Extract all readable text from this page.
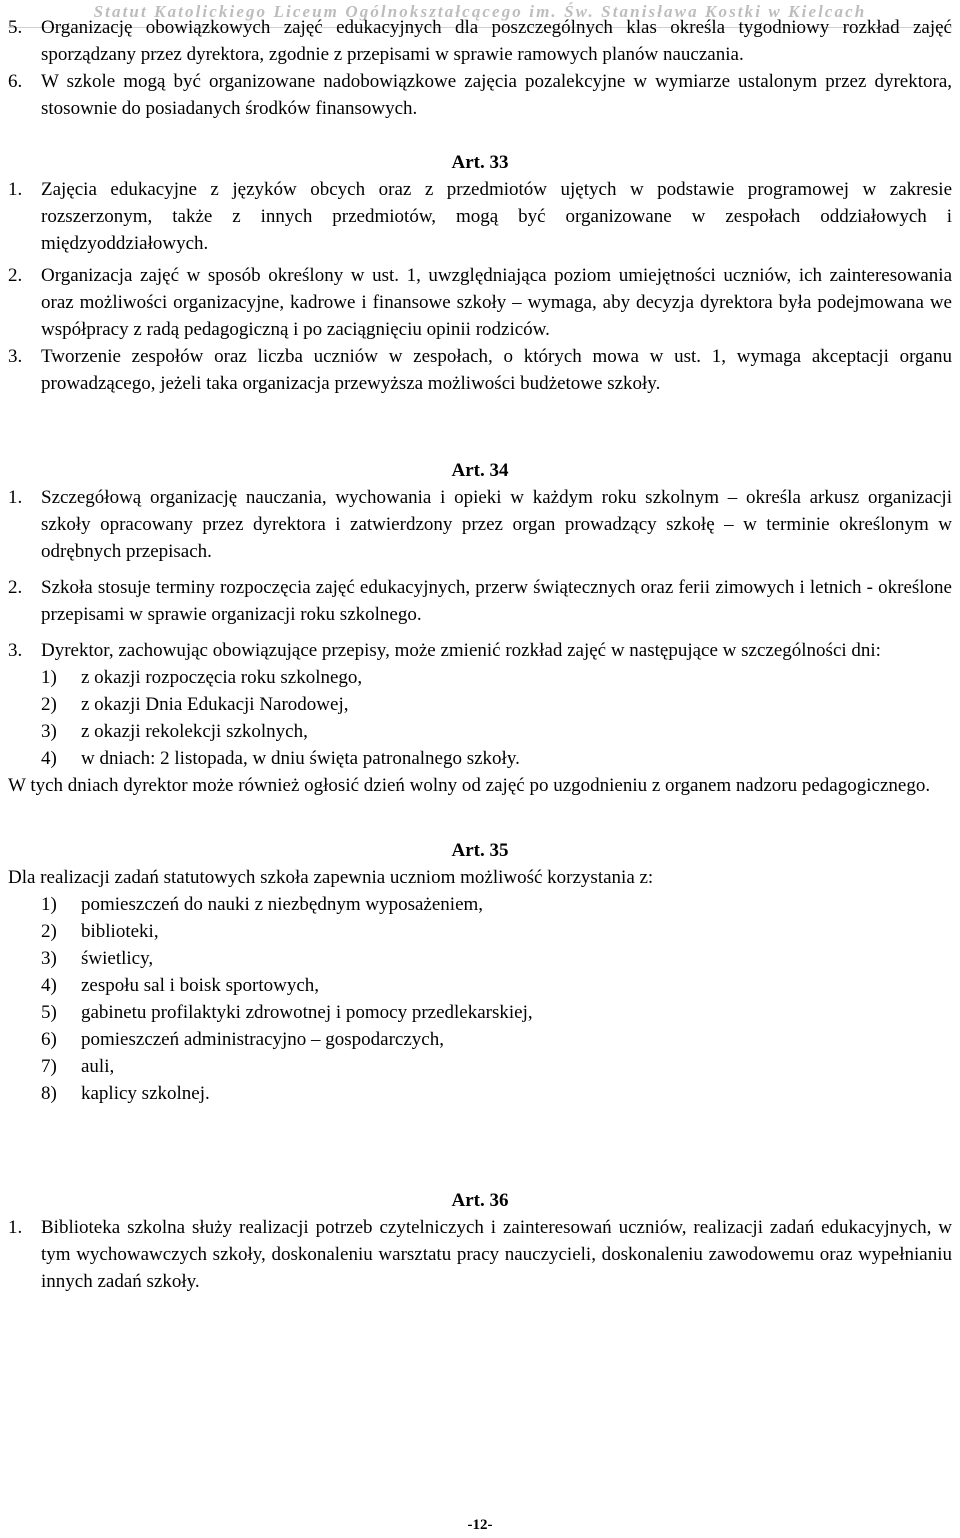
Statut Katolickiego Liceum Ogólnokształcącego im. Św. Stanisława Kostki w Kielcach

5. Organizację obowiązkowych zajęć edukacyjnych dla poszczególnych klas określa tygodniowy rozkład zajęć sporządzany przez dyrektora, zgodnie z przepisami w sprawie ramowych planów nauczania.

6. W szkole mogą być organizowane nadobowiązkowe zajęcia pozalekcyjne w wymiarze ustalonym przez dyrektora, stosownie do posiadanych środków finansowych.

Art. 33

1. Zajęcia edukacyjne z języków obcych oraz z przedmiotów ujętych w podstawie programowej w zakresie rozszerzonym, także z innych przedmiotów, mogą być organizowane w zespołach oddziałowych i międzyoddziałowych.

2. Organizacja zajęć w sposób określony w ust. 1, uwzględniająca poziom umiejętności uczniów, ich zainteresowania oraz możliwości organizacyjne, kadrowe i finansowe szkoły – wymaga, aby decyzja dyrektora była podejmowana we współpracy z radą pedagogiczną i po zaciągnięciu opinii rodziców.

3. Tworzenie zespołów oraz liczba uczniów w zespołach, o których mowa w ust. 1, wymaga akceptacji organu prowadzącego, jeżeli taka organizacja przewyższa możliwości budżetowe szkoły.

Art. 34

1. Szczegółową organizację nauczania, wychowania i opieki w każdym roku szkolnym – określa arkusz organizacji szkoły opracowany przez dyrektora i zatwierdzony przez organ prowadzący szkołę – w terminie określonym w odrębnych przepisach.

2. Szkoła stosuje terminy rozpoczęcia zajęć edukacyjnych, przerw świątecznych oraz ferii zimowych i letnich - określone przepisami w sprawie organizacji roku szkolnego.

3. Dyrektor, zachowując obowiązujące przepisy, może zmienić rozkład zajęć w następujące w szczególności dni:

1) z okazji rozpoczęcia roku szkolnego,

2) z okazji Dnia Edukacji Narodowej,

3) z okazji rekolekcji szkolnych,

4) w dniach: 2 listopada, w dniu święta patronalnego szkoły.

W tych dniach dyrektor może również ogłosić dzień wolny od zajęć po uzgodnieniu z organem nadzoru pedagogicznego.

Art. 35

Dla realizacji zadań statutowych szkoła zapewnia uczniom możliwość korzystania z:

1) pomieszczeń do nauki z niezbędnym wyposażeniem,

2) biblioteki,

3) świetlicy,

4) zespołu sal i boisk sportowych,

5) gabinetu profilaktyki zdrowotnej i pomocy przedlekarskiej,

6) pomieszczeń administracyjno – gospodarczych,

7) auli,

8) kaplicy szkolnej.

Art. 36

1. Biblioteka szkolna służy realizacji potrzeb czytelniczych i zainteresowań uczniów, realizacji zadań edukacyjnych, w tym wychowawczych szkoły, doskonaleniu warsztatu pracy nauczycieli, doskonaleniu zawodowemu oraz wypełnianiu innych zadań szkoły.

-12-
